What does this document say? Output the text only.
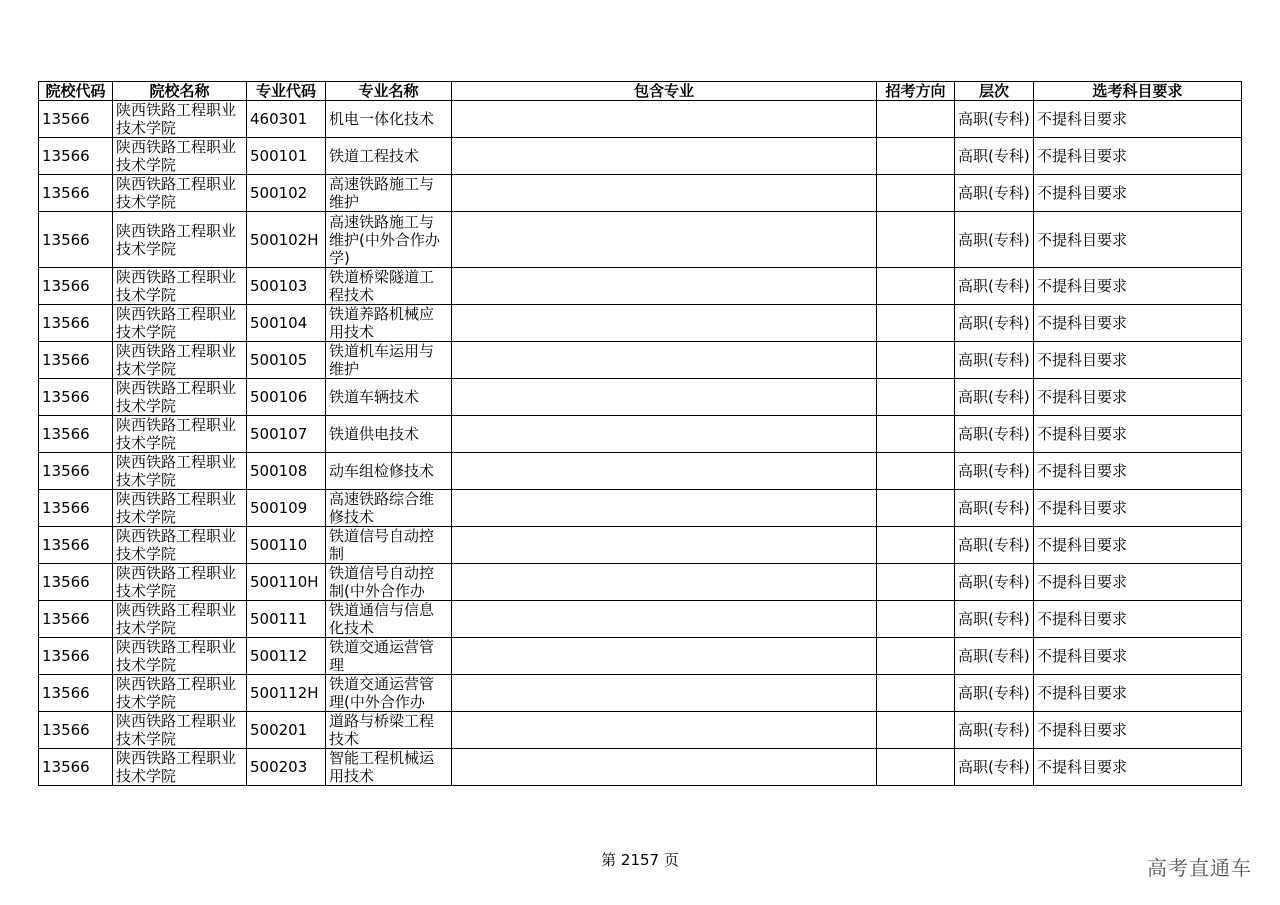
院校代码	院校名称	专业代码	专业名称	包含专业	招考方向	层次	选考科目要求

13566	陕西铁路工程职业技术学院	460301	机电一体化技术			高职(专科)	不提科目要求

13566	陕西铁路工程职业技术学院	500101	铁道工程技术			高职(专科)	不提科目要求

13566	陕西铁路工程职业技术学院	500102	高速铁路施工与维护			高职(专科)	不提科目要求

13566	陕西铁路工程职业技术学院	500102H	高速铁路施工与维护(中外合作办学)			高职(专科)	不提科目要求

13566	陕西铁路工程职业技术学院	500103	铁道桥梁隧道工程技术			高职(专科)	不提科目要求

13566	陕西铁路工程职业技术学院	500104	铁道养路机械应用技术			高职(专科)	不提科目要求

13566	陕西铁路工程职业技术学院	500105	铁道机车运用与维护			高职(专科)	不提科目要求

13566	陕西铁路工程职业技术学院	500106	铁道车辆技术			高职(专科)	不提科目要求

13566	陕西铁路工程职业技术学院	500107	铁道供电技术			高职(专科)	不提科目要求

13566	陕西铁路工程职业技术学院	500108	动车组检修技术			高职(专科)	不提科目要求

13566	陕西铁路工程职业技术学院	500109	高速铁路综合维修技术			高职(专科)	不提科目要求

13566	陕西铁路工程职业技术学院	500110	铁道信号自动控制			高职(专科)	不提科目要求

13566	陕西铁路工程职业技术学院	500110H	铁道信号自动控制(中外合作办			高职(专科)	不提科目要求

13566	陕西铁路工程职业技术学院	500111	铁道通信与信息化技术			高职(专科)	不提科目要求

13566	陕西铁路工程职业技术学院	500112	铁道交通运营管理			高职(专科)	不提科目要求

13566	陕西铁路工程职业技术学院	500112H	铁道交通运营管理(中外合作办			高职(专科)	不提科目要求

13566	陕西铁路工程职业技术学院	500201	道路与桥梁工程技术			高职(专科)	不提科目要求

13566	陕西铁路工程职业技术学院	500203	智能工程机械运用技术			高职(专科)	不提科目要求
第 2157 页	高考直通车
